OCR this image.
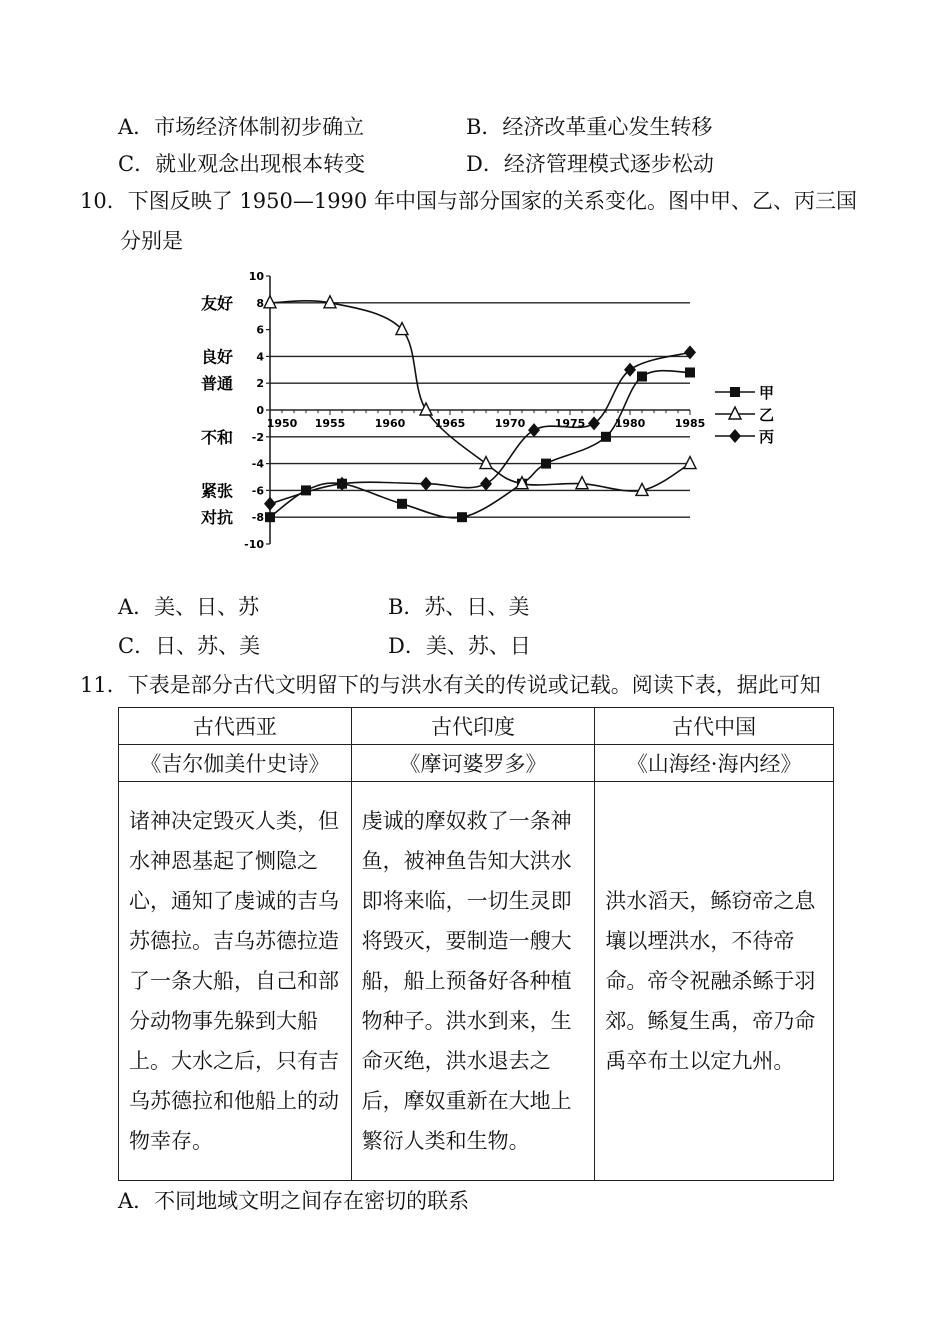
A．市场经济体制初步确立	B．经济改革重心发生转移
C．就业观念出现根本转变	D．经济管理模式逐步松动
10．下图反映了 1950—1990 年中国与部分国家的关系变化。图中甲、乙、丙三国
分别是
10
8
6
4
2
0
-2
-4
-6
-8
-10
友好
良好
普通
不和
紧张
对抗
1950 1955	1960	1965	1970	1975	1980	1985
甲
乙
丙
A．美、日、苏	B．苏、日、美
C．日、苏、美	D．美、苏、日
11．下表是部分古代文明留下的与洪水有关的传说或记载。阅读下表，据此可知
古代西亚	古代印度	古代中国
《吉尔伽美什史诗》	《摩诃婆罗多》	《山海经·海内经》

诸神决定毁灭人类，但水神恩基起了恻隐之心，通知了虔诚的吉乌苏德拉。吉乌苏德拉造了一条大船，自己和部分动物事先躲到大船上。大水之后，只有吉乌苏德拉和他船上的动物幸存。	虔诚的摩奴救了一条神鱼，被神鱼告知大洪水即将来临，一切生灵即将毁灭，要制造一艘大船，船上预备好各种植物种子。洪水到来，生命灭绝，洪水退去之后，摩奴重新在大地上繁衍人类和生物。	洪水滔天，鲧窃帝之息壤以堙洪水，不待帝命。帝令祝融杀鲧于羽郊。鲧复生禹，帝乃命禹卒布土以定九州。
A．不同地域文明之间存在密切的联系
